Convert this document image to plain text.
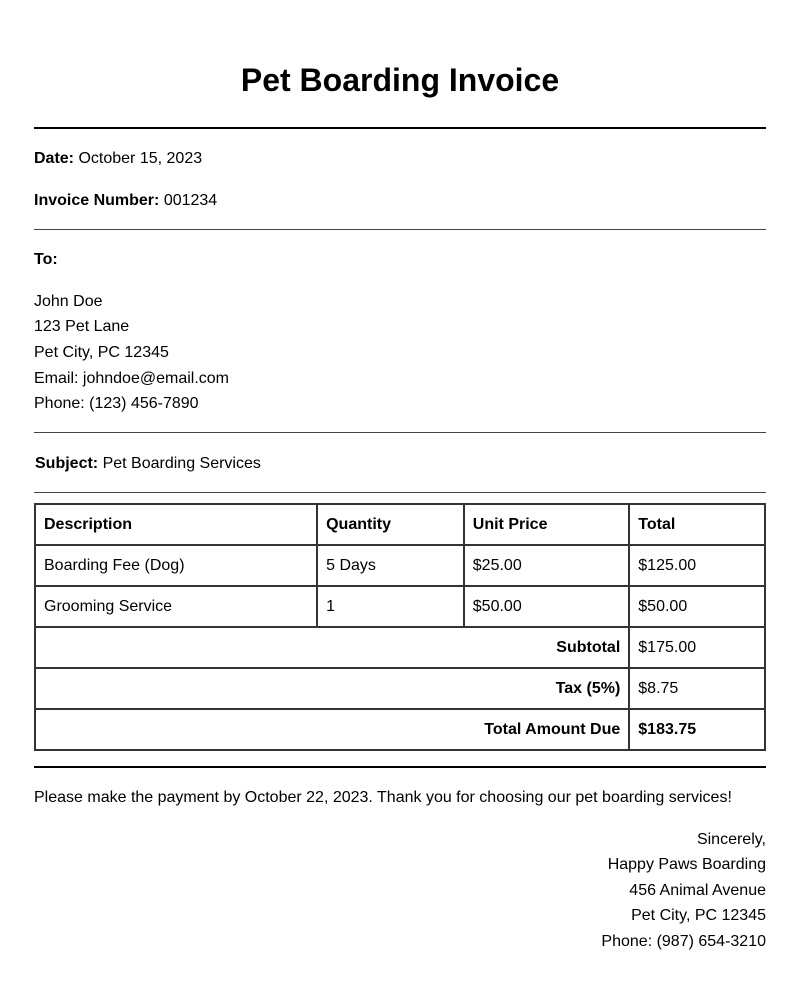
Pet Boarding Invoice
Date: October 15, 2023
Invoice Number: 001234
To:
John Doe
123 Pet Lane
Pet City, PC 12345
Email: johndoe@email.com
Phone: (123) 456-7890
Subject: Pet Boarding Services
Description	Quantity	Unit Price	Total
Boarding Fee (Dog)	5 Days	$25.00	$125.00
Grooming Service	1	$50.00	$50.00
Subtotal			$175.00
Tax (5%)			$8.75
Total Amount Due			$183.75
Please make the payment by October 22, 2023. Thank you for choosing our pet boarding services!
Sincerely,
Happy Paws Boarding
456 Animal Avenue
Pet City, PC 12345
Phone: (987) 654-3210
